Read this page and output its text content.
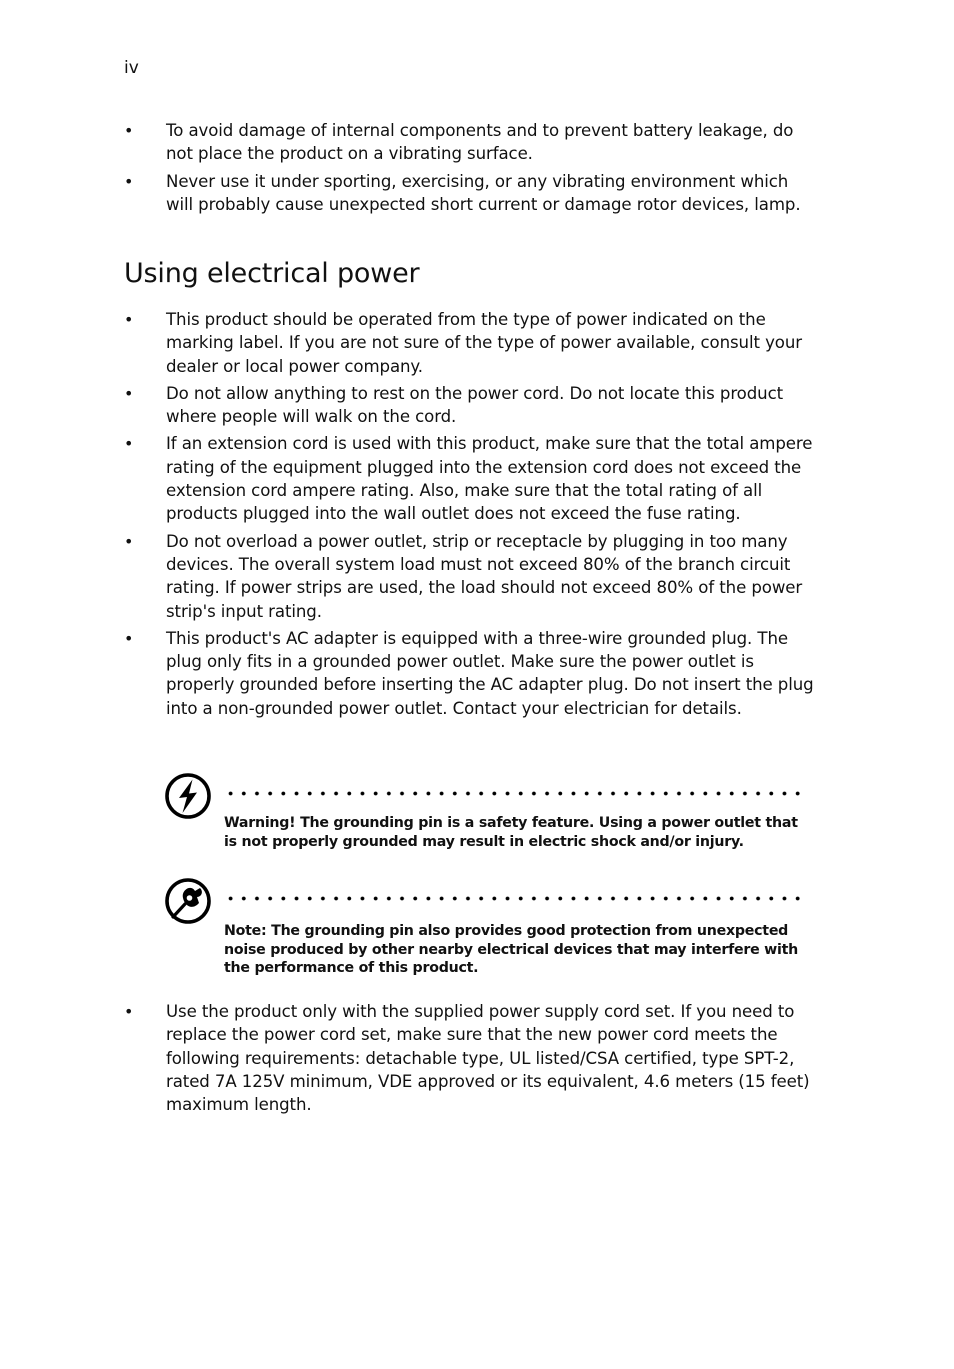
iv
• To avoid damage of internal components and to prevent battery leakage, do not place the product on a vibrating surface.
• Never use it under sporting, exercising, or any vibrating environment which will probably cause unexpected short current or damage rotor devices, lamp.
Using electrical power
• This product should be operated from the type of power indicated on the marking label. If you are not sure of the type of power available, consult your dealer or local power company.
• Do not allow anything to rest on the power cord. Do not locate this product where people will walk on the cord.
• If an extension cord is used with this product, make sure that the total ampere rating of the equipment plugged into the extension cord does not exceed the extension cord ampere rating. Also, make sure that the total rating of all products plugged into the wall outlet does not exceed the fuse rating.
• Do not overload a power outlet, strip or receptacle by plugging in too many devices. The overall system load must not exceed 80% of the branch circuit rating. If power strips are used, the load should not exceed 80% of the power strip's input rating.
• This product's AC adapter is equipped with a three-wire grounded plug. The plug only fits in a grounded power outlet. Make sure the power outlet is properly grounded before inserting the AC adapter plug. Do not insert the plug into a non-grounded power outlet. Contact your electrician for details.
Warning! The grounding pin is a safety feature. Using a power outlet that is not properly grounded may result in electric shock and/or injury.
Note: The grounding pin also provides good protection from unexpected noise produced by other nearby electrical devices that may interfere with the performance of this product.
• Use the product only with the supplied power supply cord set. If you need to replace the power cord set, make sure that the new power cord meets the following requirements: detachable type, UL listed/CSA certified, type SPT-2, rated 7A 125V minimum, VDE approved or its equivalent, 4.6 meters (15 feet) maximum length.
